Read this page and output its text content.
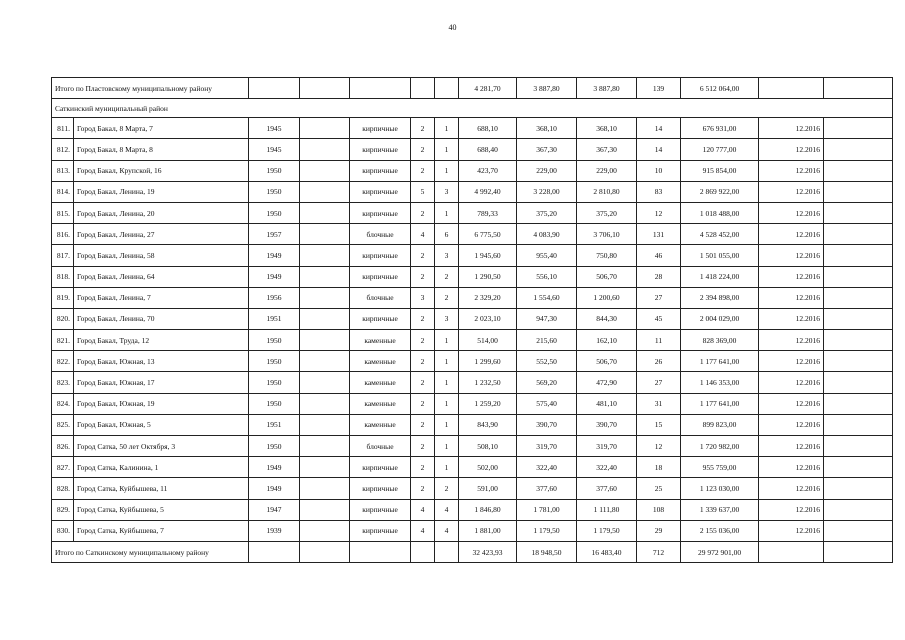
40
Итого по Пластовскому муниципальному району							4 281,70	3 887,80	3 887,80	139	6 512 064,00		
Саткинский муниципальный район													
811.	Город Бакал, 8 Марта, 7	1945		кирпичные	2	1	688,10	368,10	368,10	14	676 931,00	12.2016	
812.	Город Бакал, 8 Марта, 8	1945		кирпичные	2	1	688,40	367,30	367,30	14	120 777,00	12.2016	
813.	Город Бакал, Крупской, 16	1950		кирпичные	2	1	423,70	229,00	229,00	10	915 854,00	12.2016	
814.	Город Бакал, Ленина, 19	1950		кирпичные	5	3	4 992,40	3 228,00	2 810,80	83	2 869 922,00	12.2016	
815.	Город Бакал, Ленина, 20	1950		кирпичные	2	1	789,33	375,20	375,20	12	1 018 488,00	12.2016	
816.	Город Бакал, Ленина, 27	1957		блочные	4	6	6 775,50	4 083,90	3 706,10	131	4 528 452,00	12.2016	
817.	Город Бакал, Ленина, 58	1949		кирпичные	2	3	1 945,60	955,40	750,80	46	1 501 055,00	12.2016	
818.	Город Бакал, Ленина, 64	1949		кирпичные	2	2	1 290,50	556,10	506,70	28	1 418 224,00	12.2016	
819.	Город Бакал, Ленина, 7	1956		блочные	3	2	2 329,20	1 554,60	1 200,60	27	2 394 898,00	12.2016	
820.	Город Бакал, Ленина, 70	1951		кирпичные	2	3	2 023,10	947,30	844,30	45	2 004 029,00	12.2016	
821.	Город Бакал, Труда, 12	1950		каменные	2	1	514,00	215,60	162,10	11	828 369,00	12.2016	
822.	Город Бакал, Южная, 13	1950		каменные	2	1	1 299,60	552,50	506,70	26	1 177 641,00	12.2016	
823.	Город Бакал, Южная, 17	1950		каменные	2	1	1 232,50	569,20	472,90	27	1 146 353,00	12.2016	
824.	Город Бакал, Южная, 19	1950		каменные	2	1	1 259,20	575,40	481,10	31	1 177 641,00	12.2016	
825.	Город Бакал, Южная, 5	1951		каменные	2	1	843,90	390,70	390,70	15	899 823,00	12.2016	
826.	Город Сатка, 50 лет Октября, 3	1950		блочные	2	1	508,10	319,70	319,70	12	1 720 982,00	12.2016	
827.	Город Сатка, Калинина, 1	1949		кирпичные	2	1	502,00	322,40	322,40	18	955 759,00	12.2016	
828.	Город Сатка, Куйбышева, 11	1949		кирпичные	2	2	591,00	377,60	377,60	25	1 123 030,00	12.2016	
829.	Город Сатка, Куйбышева, 5	1947		кирпичные	4	4	1 846,80	1 781,00	1 111,80	108	1 339 637,00	12.2016	
830.	Город Сатка, Куйбышева, 7	1939		кирпичные	4	4	1 881,00	1 179,50	1 179,50	29	2 155 036,00	12.2016	
Итого по Саткинскому муниципальному району							32 423,93	18 948,50	16 483,40	712	29 972 901,00		
